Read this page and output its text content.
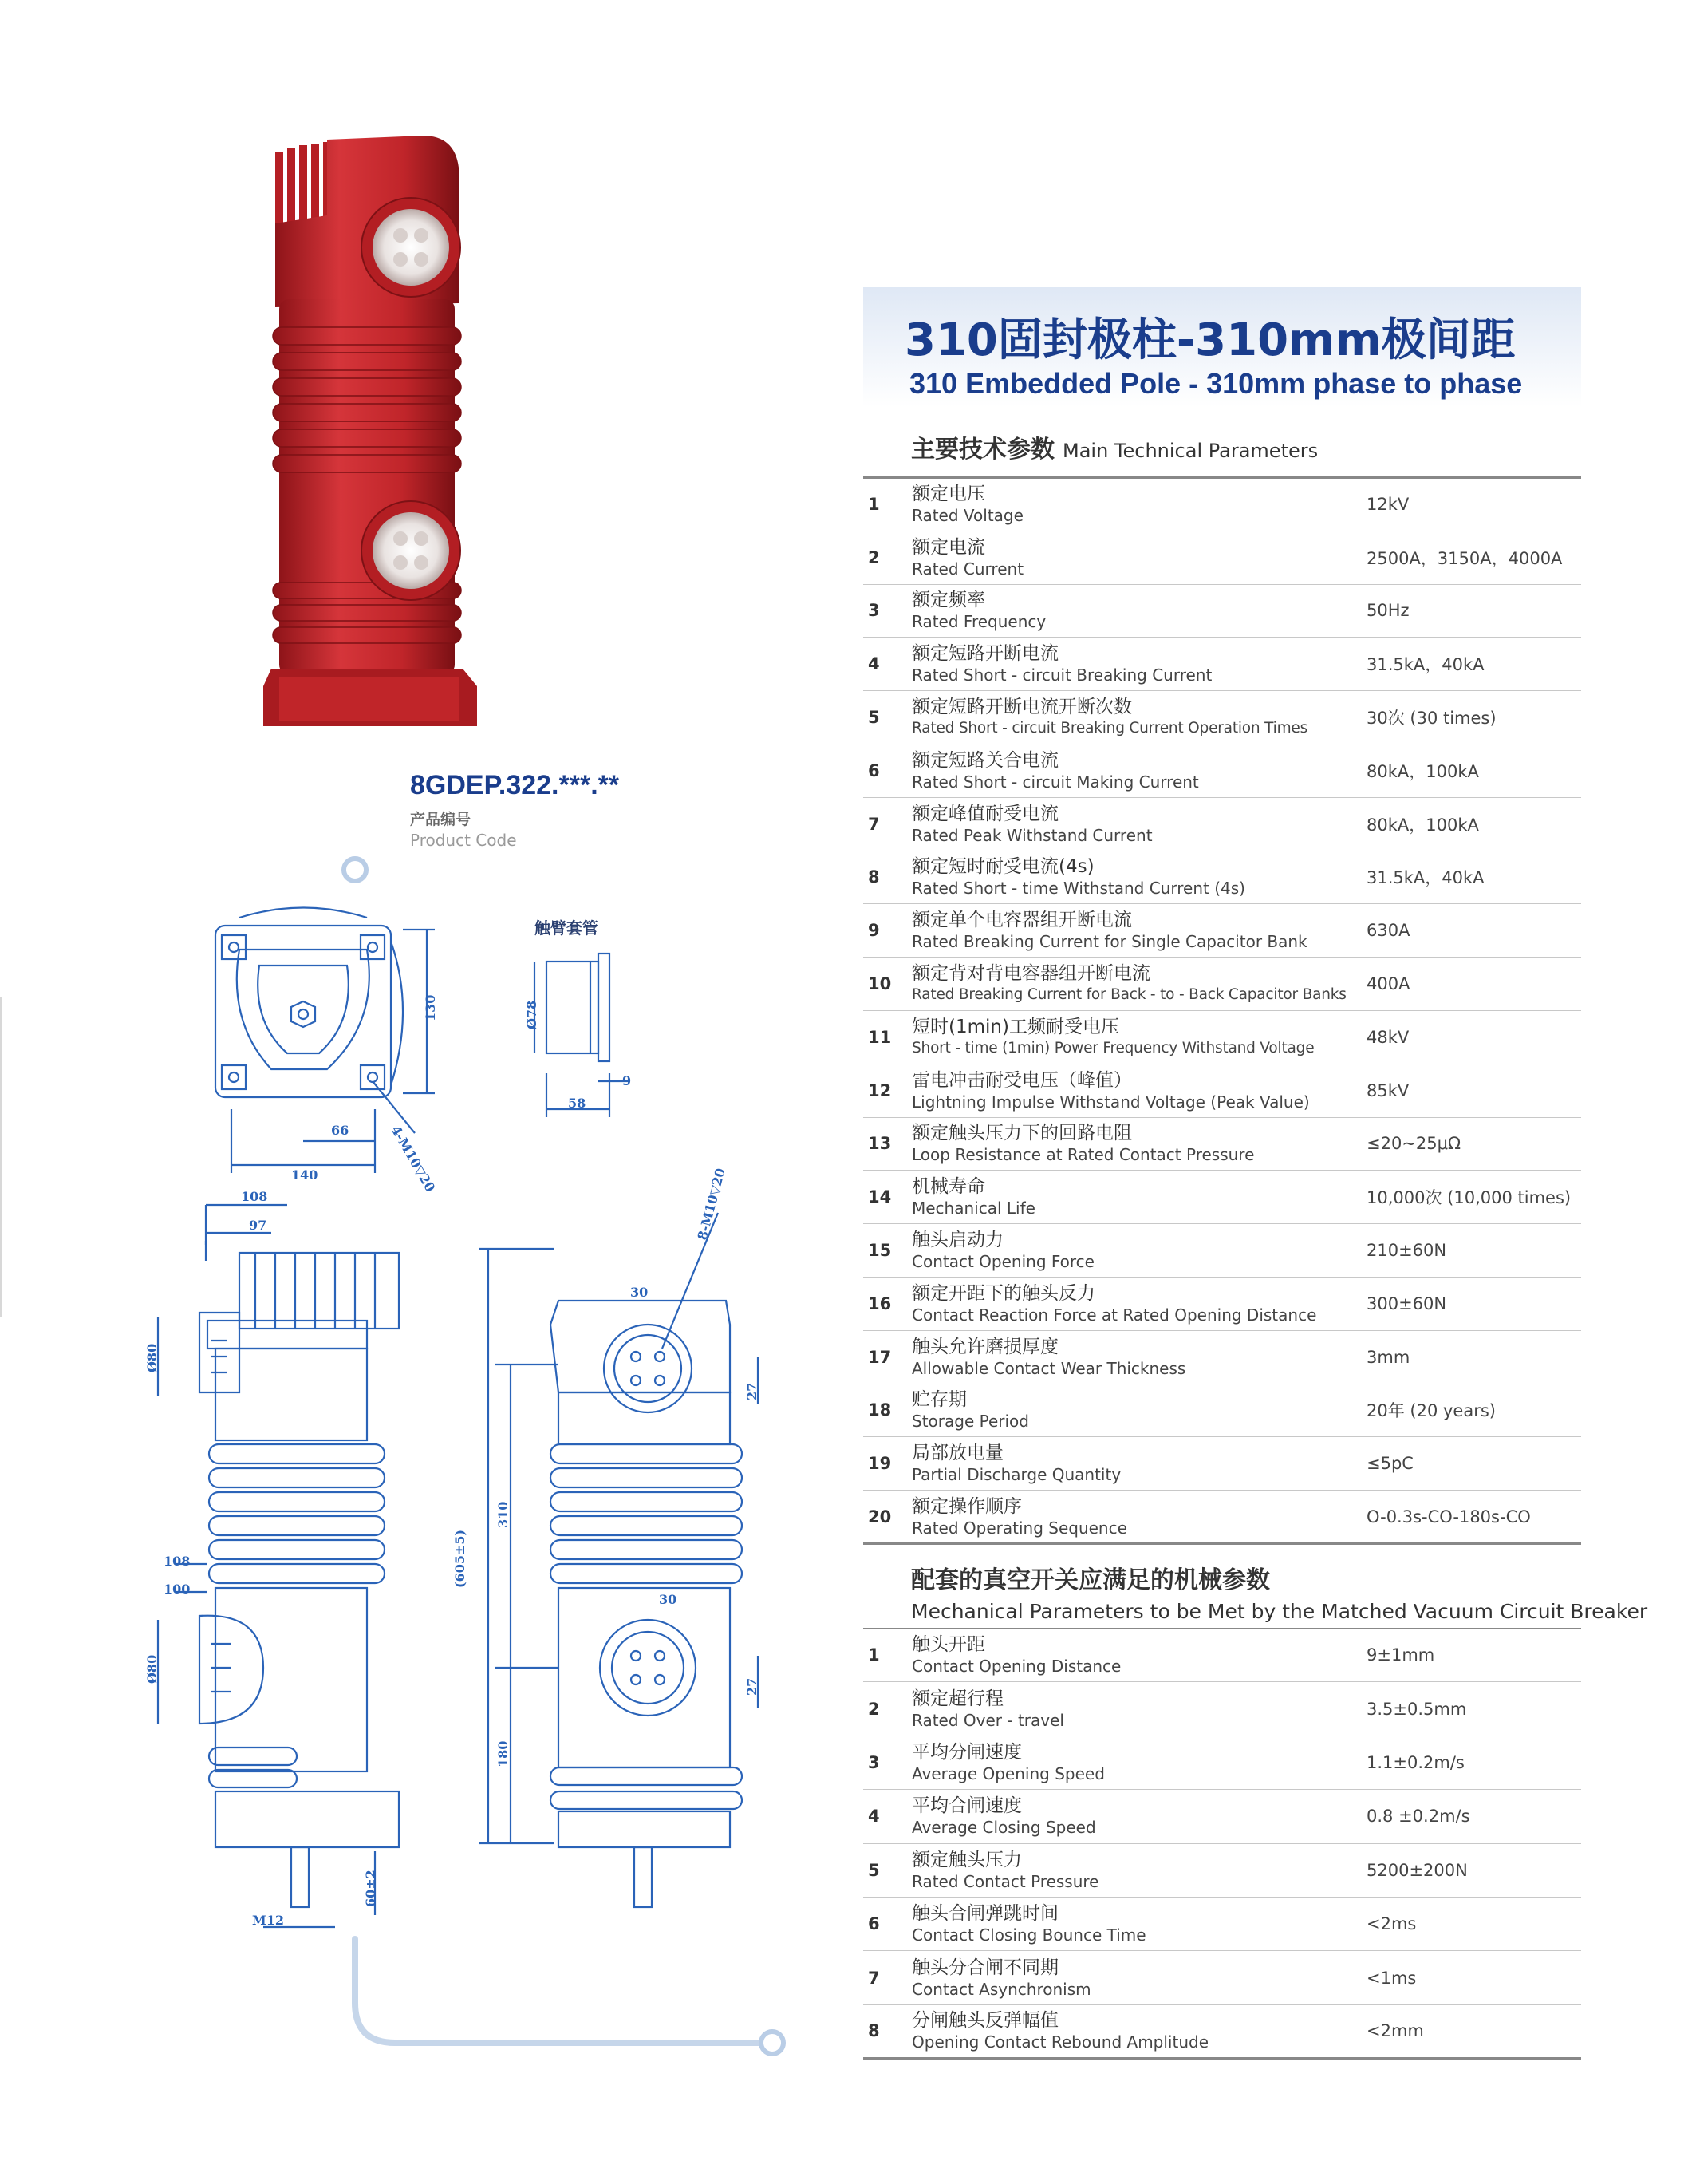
8GDEP.322.***.**
产品编号
Product Code
130
66
140	4-M10▽20
触臂套管
Ø78
58
9
108
97
Ø80
108
100
Ø80
M12
60±2
8-M10▽20
30
27
(605±5)
310
180
30
27
310固封极柱-310mm极间距
310 Embedded Pole - 310mm phase to phase
主要技术参数 Main Technical Parameters
1	额定电压
Rated Voltage	12kV
2	额定电流
Rated Current	2500A，3150A，4000A
3	额定频率
Rated Frequency	50Hz
4	额定短路开断电流
Rated Short - circuit Breaking Current	31.5kA，40kA
5	额定短路开断电流开断次数
Rated Short - circuit Breaking Current Operation Times	30次 (30 times)
6	额定短路关合电流
Rated Short - circuit Making Current	80kA，100kA
7	额定峰值耐受电流
Rated Peak Withstand Current	80kA，100kA
8	额定短时耐受电流(4s)
Rated Short - time Withstand Current (4s)	31.5kA，40kA
9	额定单个电容器组开断电流
Rated Breaking Current for Single Capacitor Bank	630A
10	额定背对背电容器组开断电流
Rated Breaking Current for Back - to - Back Capacitor Banks	400A
11	短时(1min)工频耐受电压
Short - time (1min) Power Frequency Withstand Voltage	48kV
12	雷电冲击耐受电压（峰值）
Lightning Impulse Withstand Voltage (Peak Value)	85kV
13	额定触头压力下的回路电阻
Loop Resistance at Rated Contact Pressure	≤20~25μΩ
14	机械寿命
Mechanical Life	10,000次 (10,000 times)
15	触头启动力
Contact Opening Force	210±60N
16	额定开距下的触头反力
Contact Reaction Force at Rated Opening Distance	300±60N
17	触头允许磨损厚度
Allowable Contact Wear Thickness	3mm
18	贮存期
Storage Period	20年 (20 years)
19	局部放电量
Partial Discharge Quantity	≤5pC
20	额定操作顺序
Rated Operating Sequence	O-0.3s-CO-180s-CO
配套的真空开关应满足的机械参数
Mechanical Parameters to be Met by the Matched Vacuum Circuit Breaker
1	触头开距
Contact Opening Distance	9±1mm
2	额定超行程
Rated Over - travel	3.5±0.5mm
3	平均分闸速度
Average Opening Speed	1.1±0.2m/s
4	平均合闸速度
Average Closing Speed	0.8 ±0.2m/s
5	额定触头压力
Rated Contact Pressure	5200±200N
6	触头合闸弹跳时间
Contact Closing Bounce Time	<2ms
7	触头分合闸不同期
Contact Asynchronism	<1ms
8	分闸触头反弹幅值
Opening Contact Rebound Amplitude	<2mm
